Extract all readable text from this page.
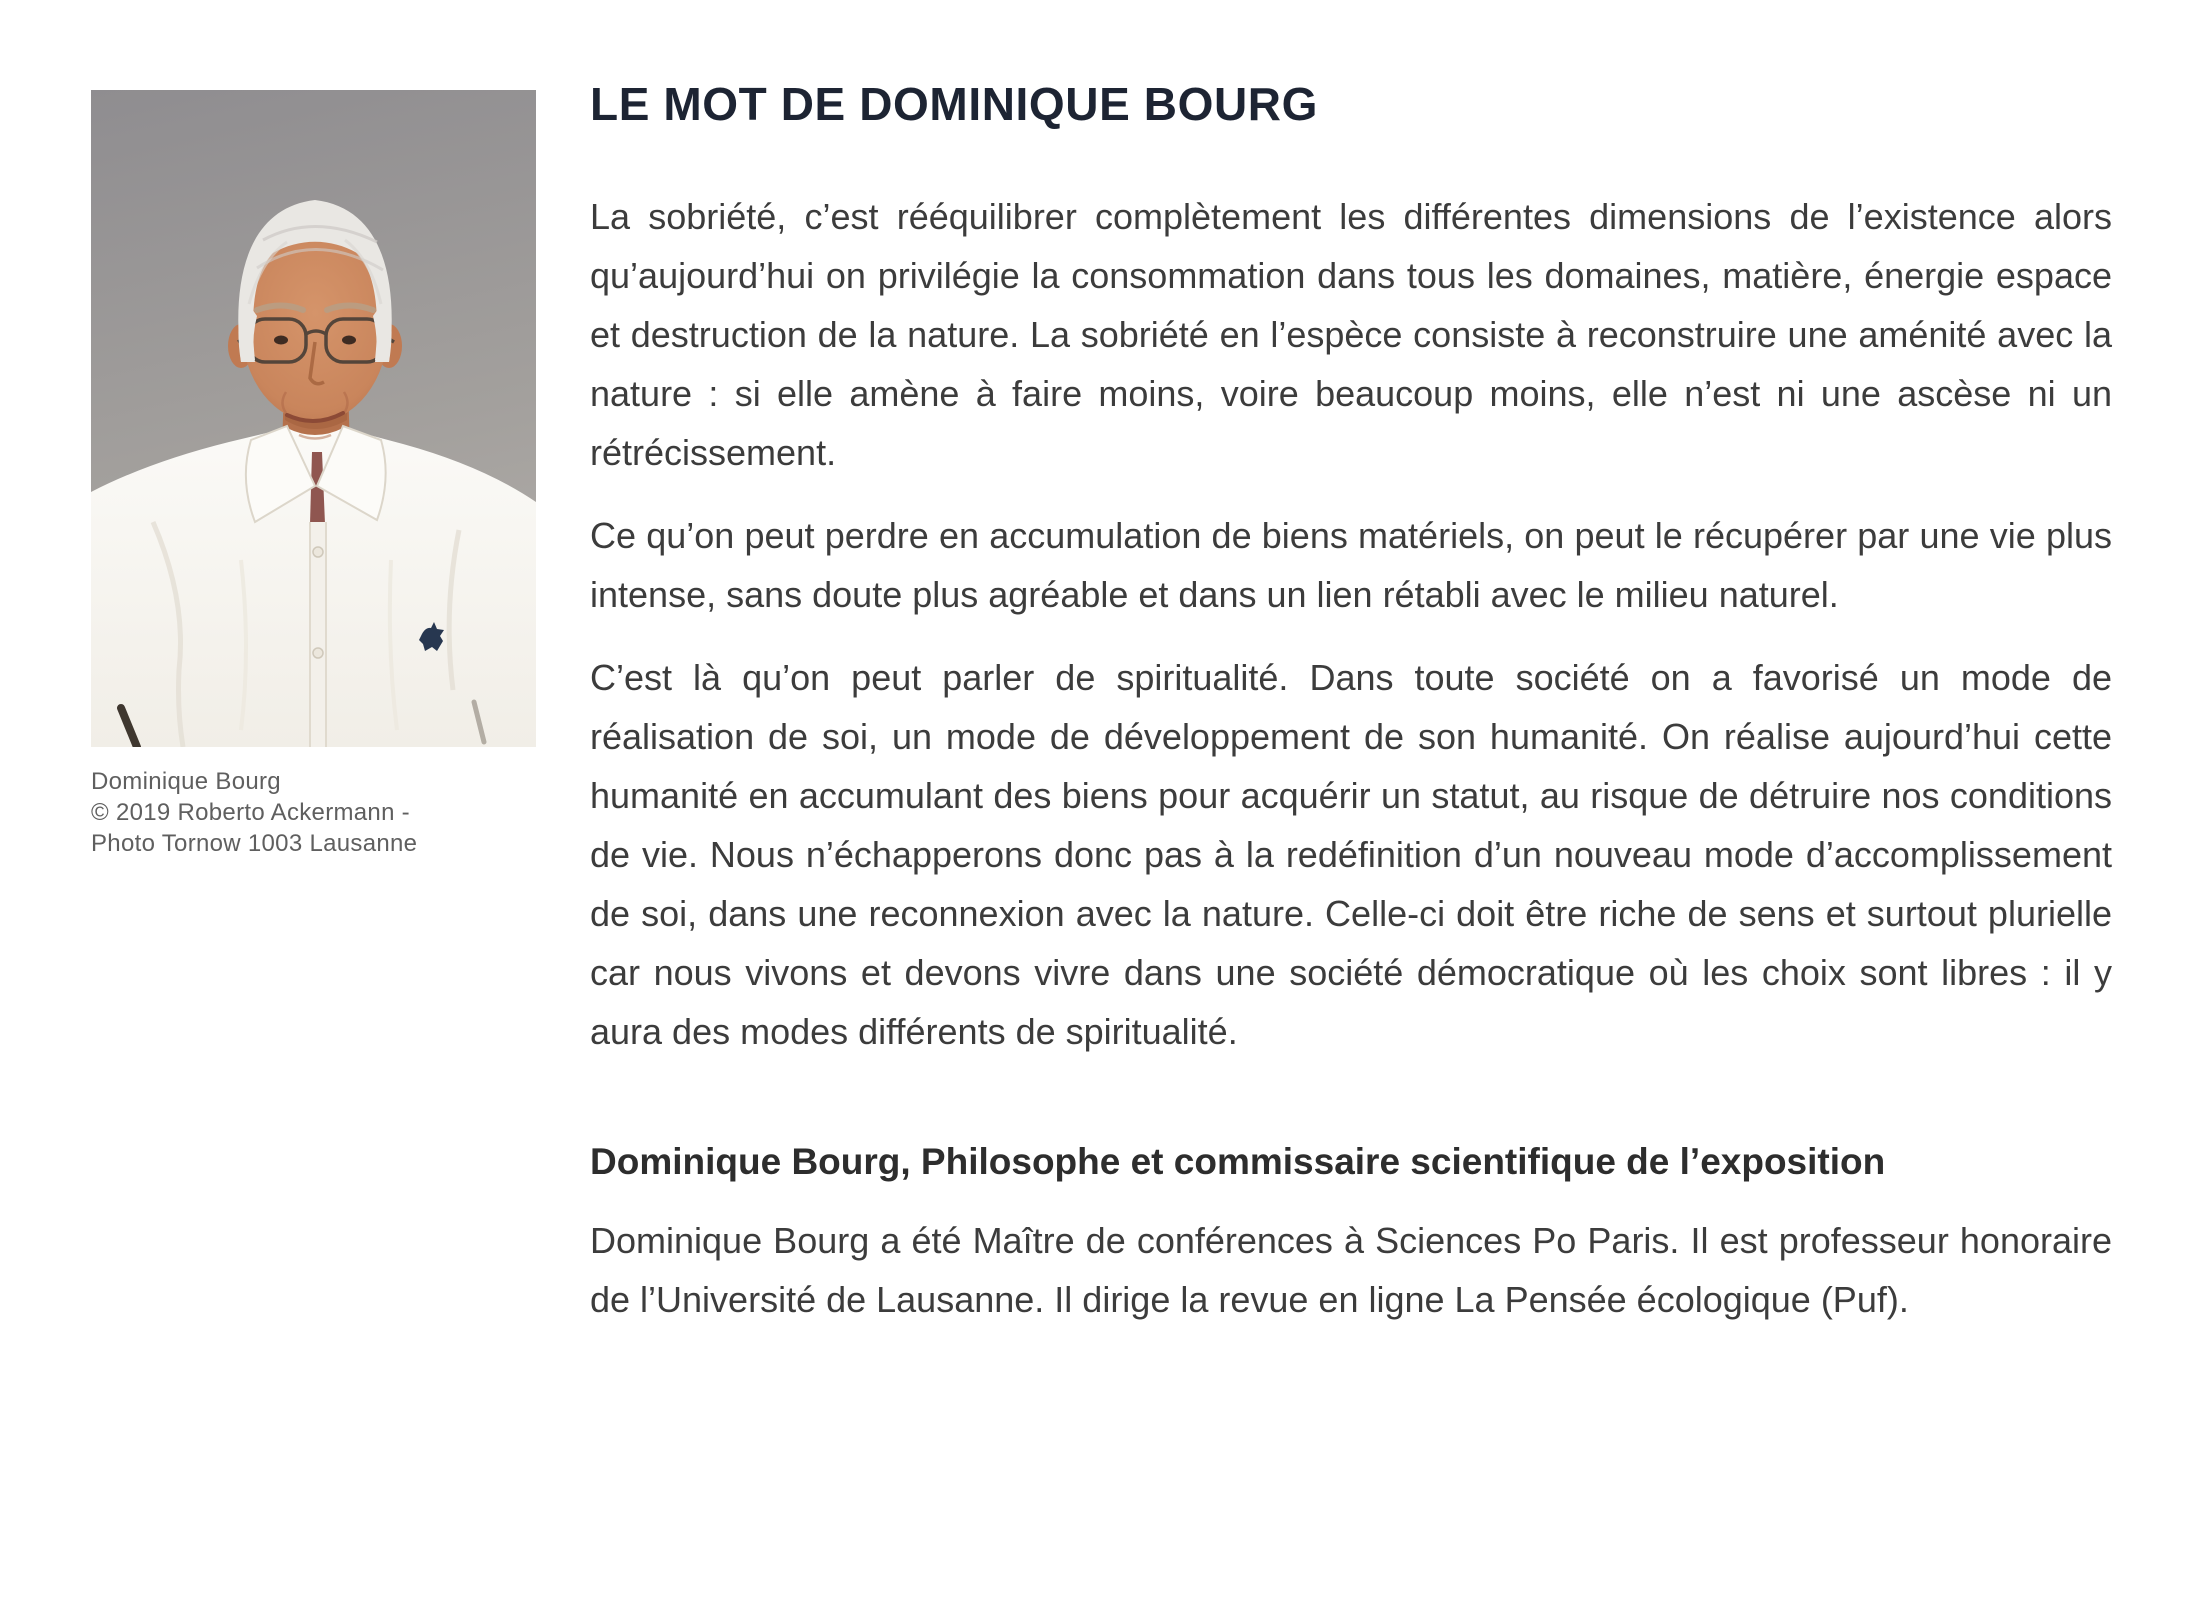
Dominique Bourg
© 2019 Roberto Ackermann -
Photo Tornow 1003 Lausanne
LE MOT DE DOMINIQUE BOURG

La sobriété, c’est rééquilibrer complètement les différentes dimensions de l’existence alors qu’aujourd’hui on privilégie la consommation dans tous les domaines, matière, énergie espace et destruction de la nature. La sobriété en l’espèce consiste à reconstruire une aménité avec la nature : si elle amène à faire moins, voire beaucoup moins, elle n’est ni une ascèse ni un rétrécissement.

Ce qu’on peut perdre en accumulation de biens matériels, on peut le récupérer par une vie plus intense, sans doute plus agréable et dans un lien rétabli avec le milieu naturel.

C’est là qu’on peut parler de spiritualité. Dans toute société on a favorisé un mode de réalisation de soi, un mode de développement de son humanité. On réalise aujourd’hui cette humanité en accumulant des biens pour acquérir un statut, au risque de détruire nos conditions de vie. Nous n’échapperons donc pas à la redéfinition d’un nouveau mode d’accomplissement de soi, dans une reconnexion avec la nature. Celle-ci doit être riche de sens et surtout plurielle car nous vivons et devons vivre dans une société démocratique où les choix sont libres : il y aura des modes différents de spiritualité.

Dominique Bourg, Philosophe et commissaire scientifique de l’exposition

Dominique Bourg a été Maître de conférences à Sciences Po Paris. Il est professeur honoraire de l’Université de Lausanne. Il dirige la revue en ligne La Pensée écologique (Puf).
